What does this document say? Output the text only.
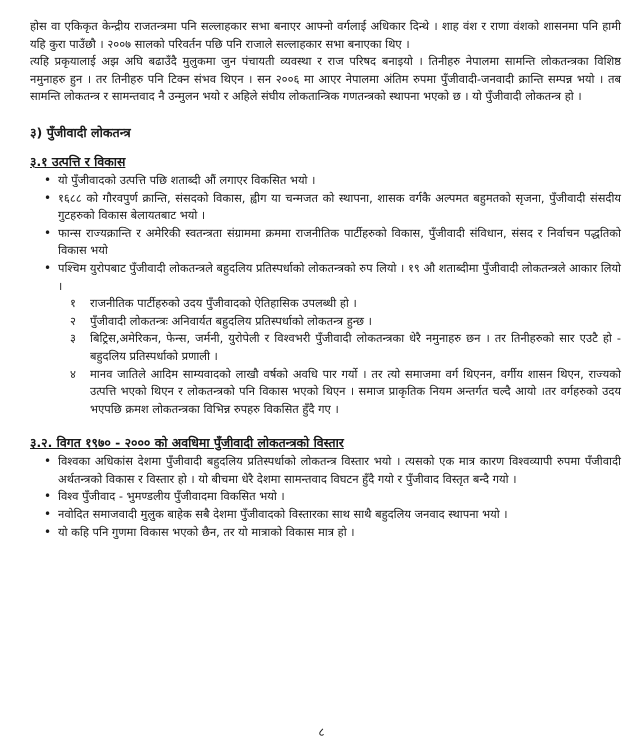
होस वा एकिकृत केन्द्रीय राजतन्त्रमा पनि सल्लाहकार सभा बनाएर आफ्नो वर्गलाई अधिकार दिन्थे । शाह वंश र राणा वंशको शासनमा पनि हामी यहि कुरा पाउँछौ । २००७ सालको परिवर्तन पछि पनि राजाले सल्लाहकार सभा बनाएका थिए ।

त्यहि प्रकृयालाई अझ अघि बढाउँदै मुलुकमा जुन पंचायती व्यवस्था र राज परिषद बनाइयो । तिनीहरु नेपालमा सामन्ति लोकतन्त्रका विशिष्ठ नमुनाहरु हुन । तर तिनीहरु पनि टिक्न संभव थिएन । सन २००६ मा आएर नेपालमा अंतिम रुपमा पुँजीवादी-जनवादी क्रान्ति सम्पन्न भयो । तब सामन्ति लोकतन्त्र र सामन्तवाद नै उन्मुलन भयो र अहिले संघीय लोकतान्त्रिक गणतन्त्रको स्थापना भएको छ । यो पुँजीवादी लोकतन्त्र हो ।

३) पुँजीवादी लोकतन्त्र
३.१ उत्पत्ति र विकास
• यो पुँजीवादको उत्पत्ति पछि शताब्दी औं लगाएर विकसित भयो ।
• १६८८ को गौरवपुर्ण क्रान्ति, संसदको विकास, ह्वीग या चन्मजत को स्थापना, शासक वर्गकै अल्पमत बहुमतको सृजना, पुँजीवादी संसदीय गुटहरुको विकास बेलायतबाट भयो ।
• फान्स राज्यक्रान्ति र अमेरिकी स्वतन्त्रता संग्राममा क्रममा राजनीतिक पार्टीहरुको विकास, पुँजीवादी संविधान, संसद र निर्वाचन पद्धतिको विकास भयो
• पश्चिम युरोपबाट पुँजीवादी लोकतन्त्रले बहुदलिय प्रतिस्पर्धाको लोकतन्त्रको रुप लियो । १९ औ शताब्दीमा पुँजीवादी लोकतन्त्रले आकार लियो ।
१ राजनीतिक पार्टीहरुको उदय पुँजीवादको ऐतिहासिक उपलब्धी हो ।
२ पुँजीवादी लोकतन्त्रः अनिवार्यत बहुदलिय प्रतिस्पर्धाको लोकतन्त्र हुन्छ ।
३ बिट्रिस,अमेरिकन, फेन्स, जर्मनी, युरोपेली र विश्वभरी पुँजीवादी लोकतन्त्रका धेरै नमुनाहरु छन । तर तिनीहरुको सार एउटै हो - बहुदलिय प्रतिस्पर्धाको प्रणाली ।
४ मानव जातिले आदिम साम्यवादको लाखौ वर्षको अवधि पार गर्यो । तर त्यो समाजमा वर्ग थिएनन, वर्गीय शासन थिएन, राज्यको उत्पत्ति भएको थिएन र लोकतन्त्रको पनि विकास भएको थिएन । समाज प्राकृतिक नियम अन्तर्गत चल्दै आयो ।तर वर्गहरुको उदय भएपछि क्रमश लोकतन्त्रका विभिन्न रुपहरु विकसित हुँदै गए ।
३.२. विगत १९७० - २००० को अवधिमा पुँजीवादी लोकतन्त्रको विस्तार
• विश्वका अधिकांस देशमा पुँजीवादी बहुदलिय प्रतिस्पर्धाको लोकतन्त्र विस्तार भयो । त्यसको एक मात्र कारण विश्वव्यापी रुपमा पँजीवादी अर्थतन्त्रको विकास र विस्तार हो । यो बीचमा धेरै देशमा सामन्तवाद विघटन हुँदै गयो र पुँजीवाद विस्तृत बन्दै गयो ।
• विश्व पुँजीवाद - भुमण्डलीय पुँजीवादमा विकसित भयो ।
• नवोदित समाजवादी मुलुक बाहेक सबै देशमा पुँजीवादको विस्तारका साथ साथै बहुदलिय जनवाद स्थापना भयो ।
• यो कहि पनि गुणमा विकास भएको छैन, तर यो मात्राको विकास मात्र हो ।
८
